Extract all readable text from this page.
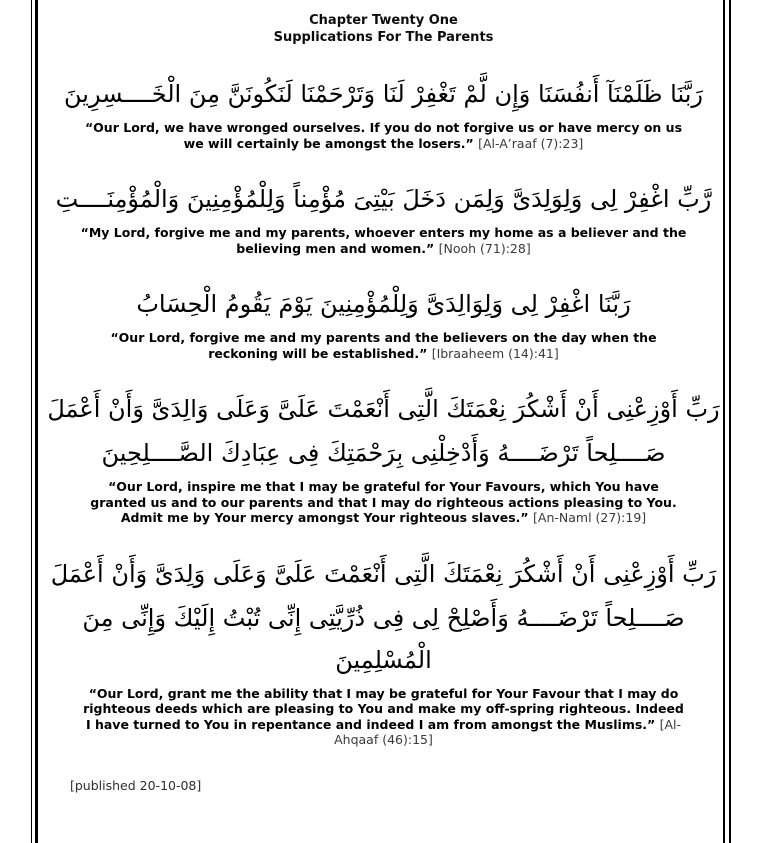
Chapter Twenty One
Supplications For The Parents
رَبَّنَا ظَلَمْنَآ أَنفُسَنَا وَإِن لَّمْ تَغْفِرْ لَنَا وَتَرْحَمْنَا لَنَكُونَنَّ مِنَ الْخَــــسِرِينَ

“Our Lord, we have wronged ourselves. If you do not forgive us or have mercy on us we will certainly be amongst the losers.” [Al-A’raaf (7):23]

رَّبِّ اغْفِرْ لِى وَلِوَلِدَىَّ وَلِمَن دَخَلَ بَيْتِىَ مُؤْمِناً وَلِلْمُؤْمِنِينَ وَالْمُؤْمِنَــــتِ

“My Lord, forgive me and my parents, whoever enters my home as a believer and the believing men and women.” [Nooh (71):28]

رَبَّنَا اغْفِرْ لِى وَلِوَالِدَىَّ وَلِلْمُؤْمِنِينَ يَوْمَ يَقُومُ الْحِسَابُ

“Our Lord, forgive me and my parents and the believers on the day when the reckoning will be established.” [Ibraaheem (14):41]

رَبِّ أَوْزِعْنِى أَنْ أَشْكُرَ نِعْمَتَكَ الَّتِى أَنْعَمْتَ عَلَىَّ وَعَلَى وَالِدَىَّ وَأَنْ أَعْمَلَ
صَــــلِحاً تَرْضَــــهُ وَأَدْخِلْنِى بِرَحْمَتِكَ فِى عِبَادِكَ الصَّــــلِحِينَ

“Our Lord, inspire me that I may be grateful for Your Favours, which You have granted us and to our parents and that I may do righteous actions pleasing to You. Admit me by Your mercy amongst Your righteous slaves.” [An-Naml (27):19]

رَبِّ أَوْزِعْنِى أَنْ أَشْكُرَ نِعْمَتَكَ الَّتِى أَنْعَمْتَ عَلَىَّ وَعَلَى وَلِدَىَّ وَأَنْ أَعْمَلَ
صَــــلِحاً تَرْضَــــهُ وَأَصْلِحْ لِى فِى ذُرِّيَّتِى إِنِّى تُبْتُ إِلَيْكَ وَإِنِّى مِنَ الْمُسْلِمِينَ

“Our Lord, grant me the ability that I may be grateful for Your Favour that I may do righteous deeds which are pleasing to You and make my off-spring righteous. Indeed I have turned to You in repentance and indeed I am from amongst the Muslims.” [Al-Ahqaaf (46):15]

[published 20-10-08]
